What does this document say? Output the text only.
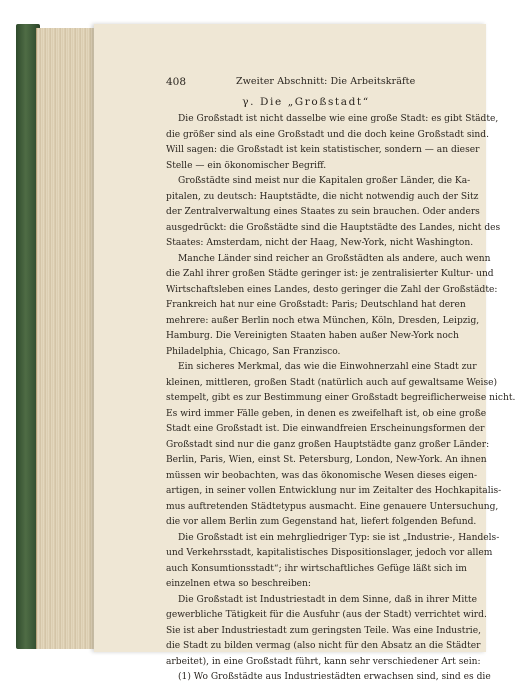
408	Zweiter Abschnitt: Die Arbeitskräfte
γ. Die „Großstadt“
Die Großstadt ist nicht dasselbe wie eine große Stadt: es gibt Städte,
die größer sind als eine Großstadt und die doch keine Großstadt sind.
Will sagen: die Großstadt ist kein statistischer, sondern — an dieser
Stelle — ein ökonomischer Begriff.
Großstädte sind meist nur die Kapitalen großer Länder, die Ka-
pitalen, zu deutsch: Hauptstädte, die nicht notwendig auch der Sitz
der Zentralverwaltung eines Staates zu sein brauchen. Oder anders
ausgedrückt: die Großstädte sind die Hauptstädte des Landes, nicht des
Staates: Amsterdam, nicht der Haag, New-York, nicht Washington.
Manche Länder sind reicher an Großstädten als andere, auch wenn
die Zahl ihrer großen Städte geringer ist: je zentralisierter Kultur- und
Wirtschaftsleben eines Landes, desto geringer die Zahl der Großstädte:
Frankreich hat nur eine Großstadt: Paris; Deutschland hat deren
mehrere: außer Berlin noch etwa München, Köln, Dresden, Leipzig,
Hamburg. Die Vereinigten Staaten haben außer New-York noch
Philadelphia, Chicago, San Franzisco.
Ein sicheres Merkmal, das wie die Einwohnerzahl eine Stadt zur
kleinen, mittleren, großen Stadt (natürlich auch auf gewaltsame Weise)
stempelt, gibt es zur Bestimmung einer Großstadt begreiflicherweise nicht.
Es wird immer Fälle geben, in denen es zweifelhaft ist, ob eine große
Stadt eine Großstadt ist. Die einwandfreien Erscheinungsformen der
Großstadt sind nur die ganz großen Hauptstädte ganz großer Länder:
Berlin, Paris, Wien, einst St. Petersburg, London, New-York. An ihnen
müssen wir beobachten, was das ökonomische Wesen dieses eigen-
artigen, in seiner vollen Entwicklung nur im Zeitalter des Hochkapitalis-
mus auftretenden Städtetypus ausmacht. Eine genauere Untersuchung,
die vor allem Berlin zum Gegenstand hat, liefert folgenden Befund.
Die Großstadt ist ein mehrgliedriger Typ: sie ist „Industrie-, Handels-
und Verkehrsstadt, kapitalistisches Dispositionslager, jedoch vor allem
auch Konsumtionsstadt“; ihr wirtschaftliches Gefüge läßt sich im
einzelnen etwa so beschreiben:
Die Großstadt ist Industriestadt in dem Sinne, daß in ihrer Mitte
gewerbliche Tätigkeit für die Ausfuhr (aus der Stadt) verrichtet wird.
Sie ist aber Industriestadt zum geringsten Teile. Was eine Industrie,
die Stadt zu bilden vermag (also nicht für den Absatz an die Städter
arbeitet), in eine Großstadt führt, kann sehr verschiedener Art sein:
(1) Wo Großstädte aus Industriestädten erwachsen sind, sind es die
